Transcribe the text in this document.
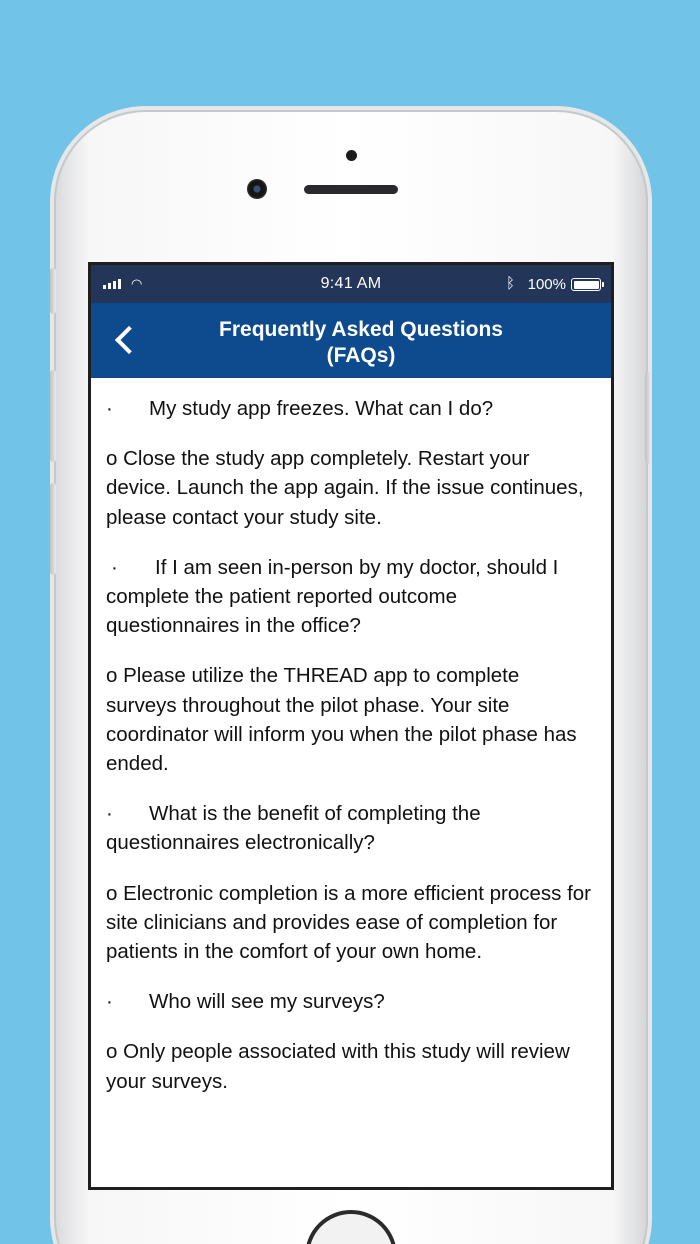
◠	9:41 AM	ᛒ 100%
Frequently Asked Questions
(FAQs)
· My study app freezes. What can I do?
o Close the study app completely. Restart your device. Launch the app again. If the issue continues, please contact your study site.
· If I am seen in-person by my doctor, should I complete the patient reported outcome questionnaires in the office?
o Please utilize the THREAD app to complete surveys throughout the pilot phase. Your site coordinator will inform you when the pilot phase has ended.
· What is the benefit of completing the questionnaires electronically?
o Electronic completion is a more efficient process for site clinicians and provides ease of completion for patients in the comfort of your own home.
· Who will see my surveys?
o Only people associated with this study will review your surveys.
